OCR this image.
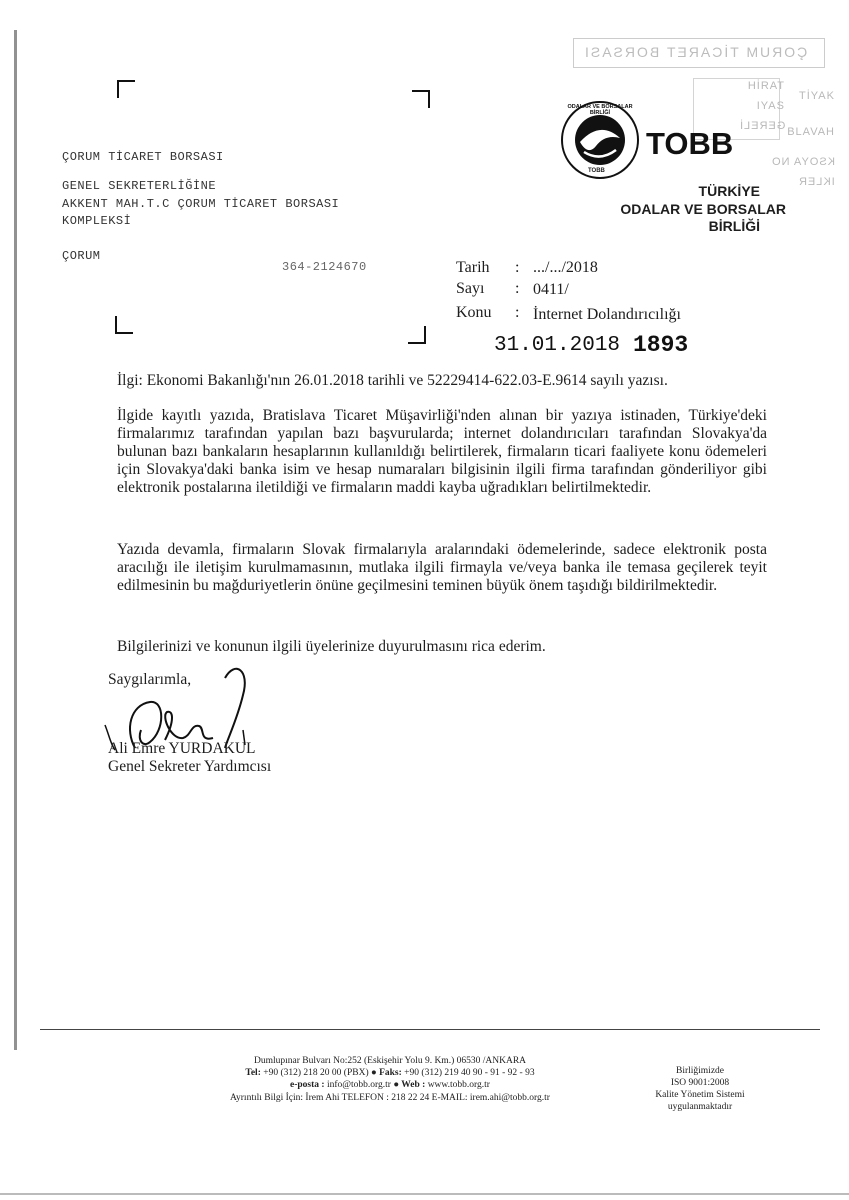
ÇORUM TİCARET BORSASI
GENEL SEKRETERLİĞİNE
AKKENT MAH.T.C ÇORUM TİCARET BORSASI
KOMPLEKSİ
ÇORUM
364-2124670
ÇORUM TİCARET BORSASI
HİRAT
IYAS
GERELİ
TİYAK
BLAVAH
KSOYA NO
IKLER
ODALAR VE BORSALAR BİRLİĞİ
TOBB
TOBB
TÜRKİYE
ODALAR VE BORSALAR
BİRLİĞİ
Tarih : .../.../2018
Sayı : 0411/
Konu : İnternet Dolandırıcılığı
31.01.2018 1893
İlgi: Ekonomi Bakanlığı'nın 26.01.2018 tarihli ve 52229414-622.03-E.9614 sayılı yazısı.
İlgide kayıtlı yazıda, Bratislava Ticaret Müşavirliği'nden alınan bir yazıya istinaden, Türkiye'deki firmalarımız tarafından yapılan bazı başvurularda; internet dolandırıcıları tarafından Slovakya'da bulunan bazı bankaların hesaplarının kullanıldığı belirtilerek, firmaların ticari faaliyete konu ödemeleri için Slovakya'daki banka isim ve hesap numaraları bilgisinin ilgili firma tarafından gönderiliyor gibi elektronik postalarına iletildiği ve firmaların maddi kayba uğradıkları belirtilmektedir.
Yazıda devamla, firmaların Slovak firmalarıyla aralarındaki ödemelerinde, sadece elektronik posta aracılığı ile iletişim kurulmamasının, mutlaka ilgili firmayla ve/veya banka ile temasa geçilerek teyit edilmesinin bu mağduriyetlerin önüne geçilmesini teminen büyük önem taşıdığı bildirilmektedir.
Bilgilerinizi ve konunun ilgili üyelerinize duyurulmasını rica ederim.
Saygılarımla,
Ali Emre YURDAKUL
Genel Sekreter Yardımcısı
Dumlupınar Bulvarı No:252 (Eskişehir Yolu 9. Km.) 06530 /ANKARA
Tel: +90 (312) 218 20 00 (PBX) ● Faks: +90 (312) 219 40 90 - 91 - 92 - 93
e-posta : info@tobb.org.tr ● Web : www.tobb.org.tr
Ayrıntılı Bilgi İçin: İrem Ahi TELEFON : 218 22 24 E-MAIL: irem.ahi@tobb.org.tr
Birliğimizde
ISO 9001:2008
Kalite Yönetim Sistemi
uygulanmaktadır
